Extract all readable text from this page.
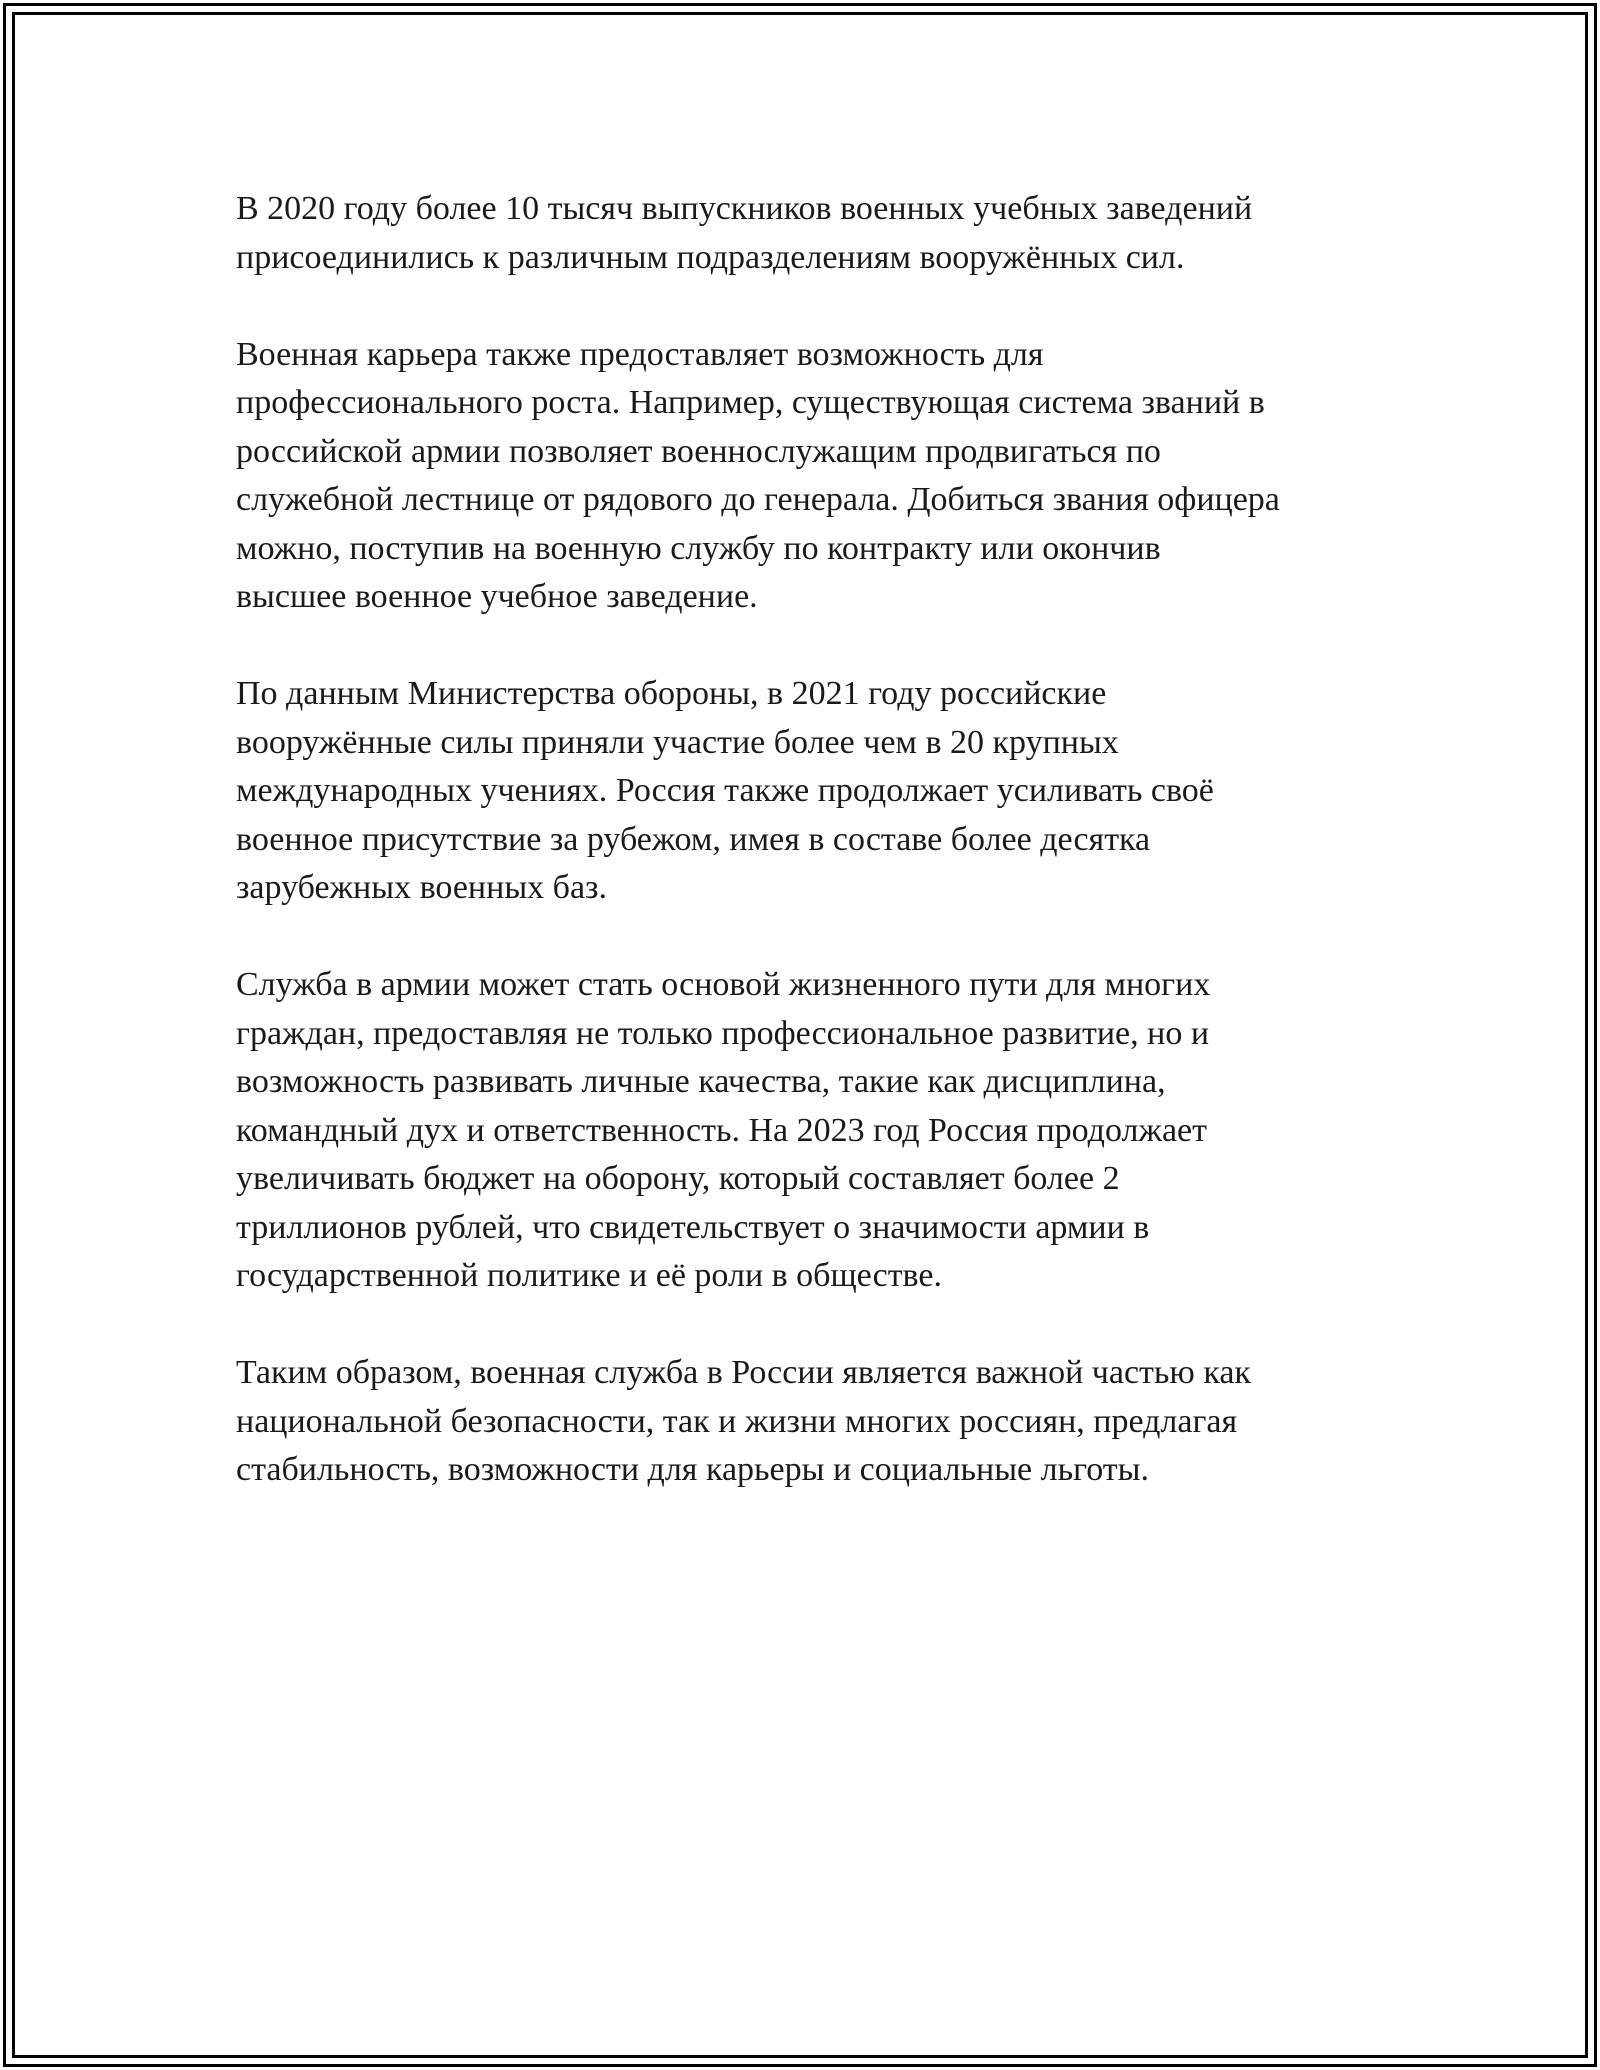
В 2020 году более 10 тысяч выпускников военных учебных заведений
присоединились к различным подразделениям вооружённых сил.

Военная карьера также предоставляет возможность для
профессионального роста. Например, существующая система званий в
российской армии позволяет военнослужащим продвигаться по
служебной лестнице от рядового до генерала. Добиться звания офицера
можно, поступив на военную службу по контракту или окончив
высшее военное учебное заведение.

По данным Министерства обороны, в 2021 году российские
вооружённые силы приняли участие более чем в 20 крупных
международных учениях. Россия также продолжает усиливать своё
военное присутствие за рубежом, имея в составе более десятка
зарубежных военных баз.

Служба в армии может стать основой жизненного пути для многих
граждан, предоставляя не только профессиональное развитие, но и
возможность развивать личные качества, такие как дисциплина,
командный дух и ответственность. На 2023 год Россия продолжает
увеличивать бюджет на оборону, который составляет более 2
триллионов рублей, что свидетельствует о значимости армии в
государственной политике и её роли в обществе.

Таким образом, военная служба в России является важной частью как
национальной безопасности, так и жизни многих россиян, предлагая
стабильность, возможности для карьеры и социальные льготы.
